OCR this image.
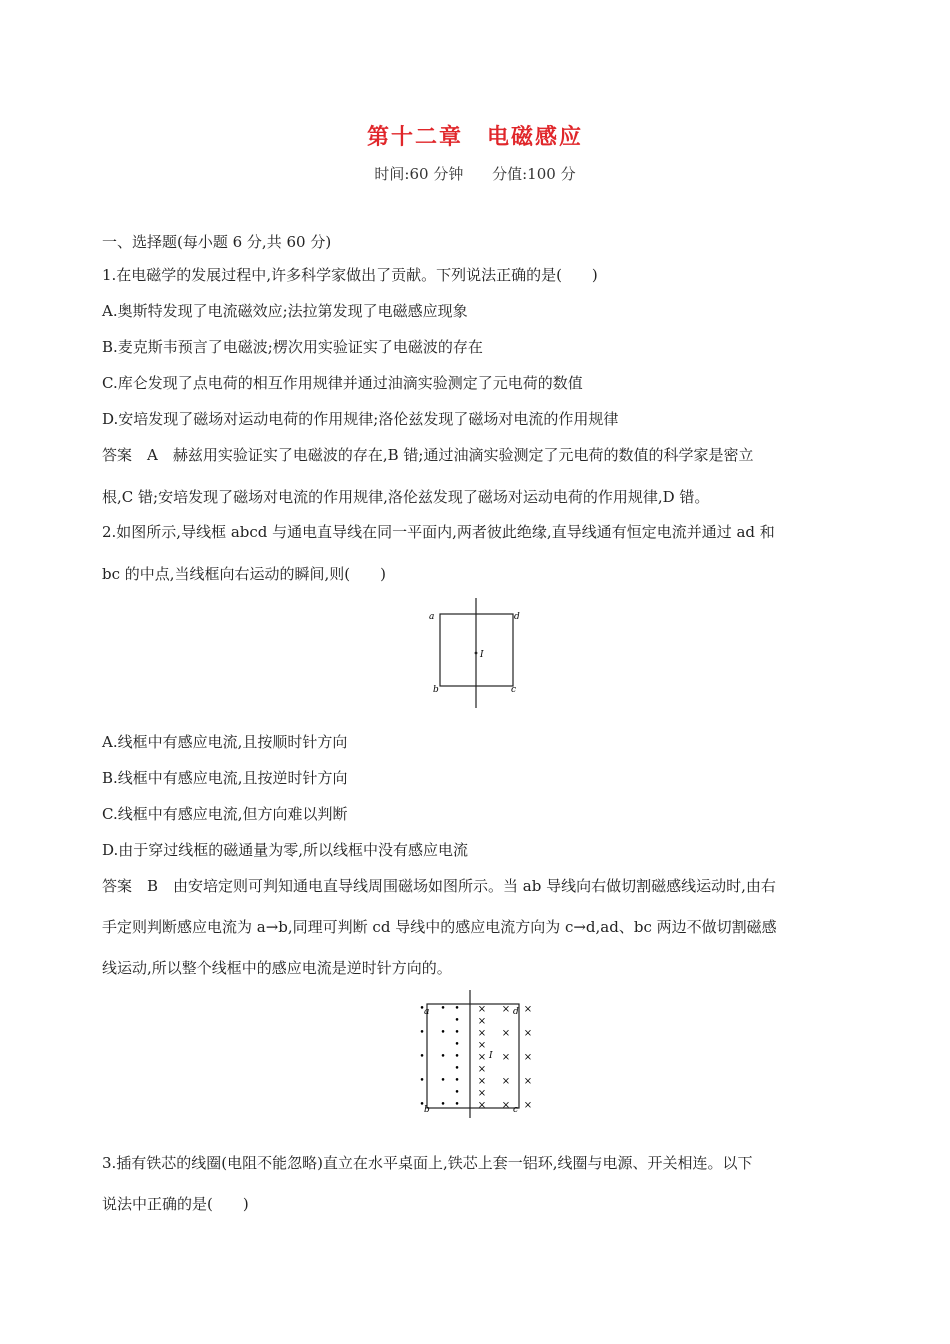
第十二章　电磁感应
时间:60 分钟 分值:100 分
一、选择题(每小题 6 分,共 60 分)
1.在电磁学的发展过程中,许多科学家做出了贡献。下列说法正确的是(　　)
A.奥斯特发现了电流磁效应;法拉第发现了电磁感应现象
B.麦克斯韦预言了电磁波;楞次用实验证实了电磁波的存在
C.库仑发现了点电荷的相互作用规律并通过油滴实验测定了元电荷的数值
D.安培发现了磁场对运动电荷的作用规律;洛伦兹发现了磁场对电流的作用规律
答案　A　赫兹用实验证实了电磁波的存在,B 错;通过油滴实验测定了元电荷的数值的科学家是密立
根,C 错;安培发现了磁场对电流的作用规律,洛伦兹发现了磁场对运动电荷的作用规律,D 错。
2.如图所示,导线框 abcd 与通电直导线在同一平面内,两者彼此绝缘,直导线通有恒定电流并通过 ad 和
bc 的中点,当线框向右运动的瞬间,则(　　)
a	d
b	c
I
A.线框中有感应电流,且按顺时针方向
B.线框中有感应电流,且按逆时针方向
C.线框中有感应电流,但方向难以判断
D.由于穿过线框的磁通量为零,所以线框中没有感应电流
答案　B　由安培定则可判知通电直导线周围磁场如图所示。当 ab 导线向右做切割磁感线运动时,由右
手定则判断感应电流为 a→b,同理可判断 cd 导线中的感应电流方向为 c→d,ad、bc 两边不做切割磁感
线运动,所以整个线框中的感应电流是逆时针方向的。
•
•
•
•
•
•
•
•
•
•
•
•
•
•
•
×
×
×
×
×
×
×
×
×
×
×
×
×
×
×
• ×
• ×
• ×
• ×
a	d
b	c
I
3.插有铁芯的线圈(电阻不能忽略)直立在水平桌面上,铁芯上套一铝环,线圈与电源、开关相连。以下
说法中正确的是(　　)
